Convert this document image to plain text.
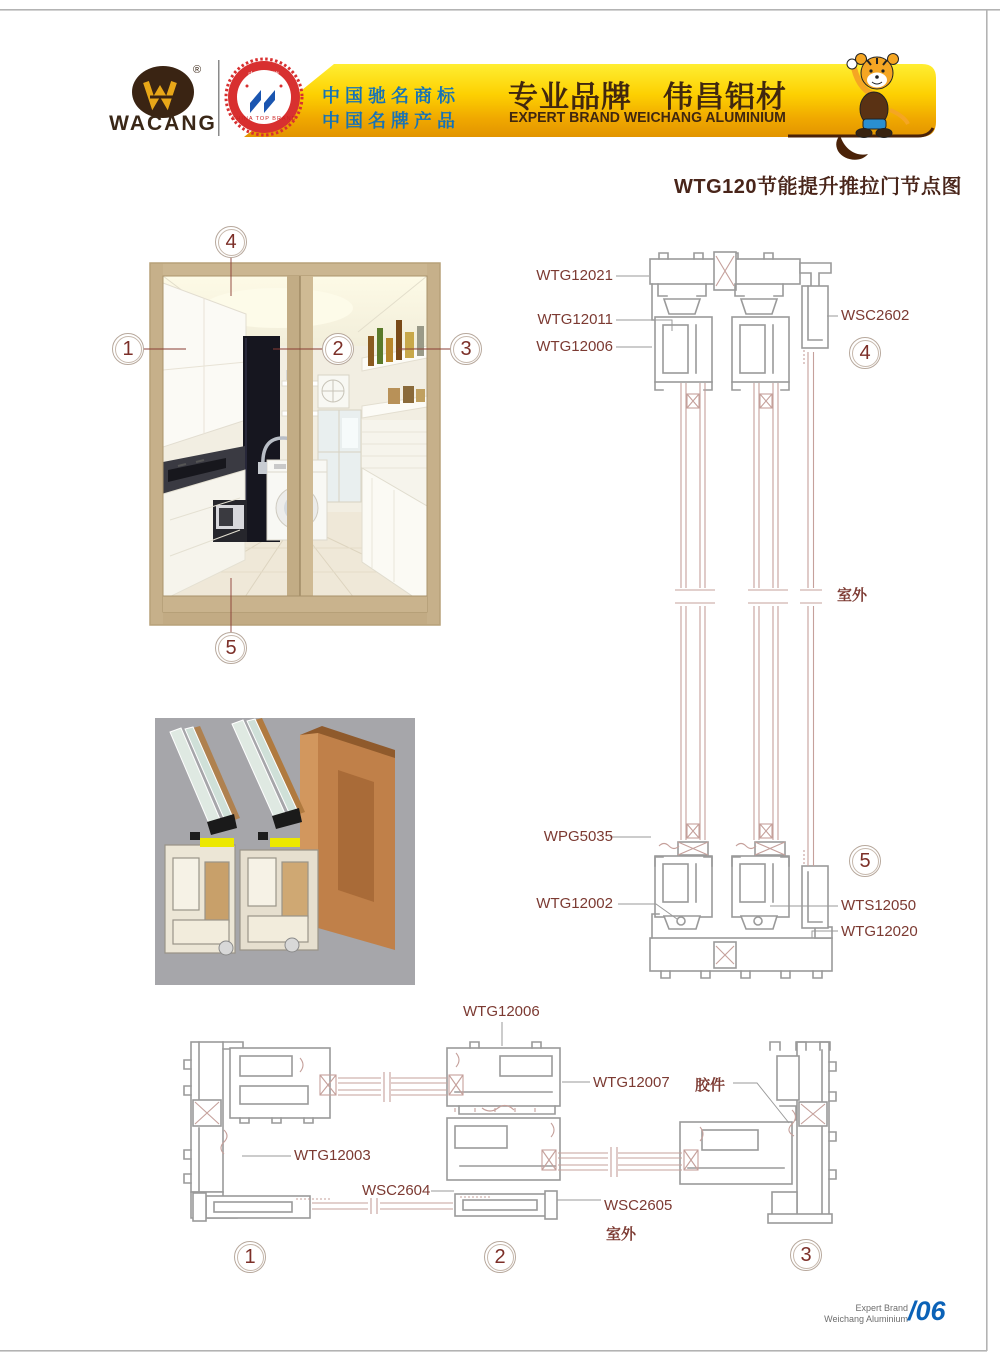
WACANG
®	中国名牌
CHINA TOP BRAND
中国驰名商标
中国名牌产品
专业品牌　伟昌铝材
EXPERT BRAND WEICHANG ALUMINIUM
WTG120节能提升推拉门节点图
1	2	3
4
5
WTG12021
WTG12011
WTG12006
WSC2602
4
室外
WPG5035
WTG12002	WTS12050
WTG12020
5
WTG12006
WTG12007 胶件
WTG12003
WSC2604
WSC2605
室外
1	2	3
Expert Brand
Weichang Aluminium /06
